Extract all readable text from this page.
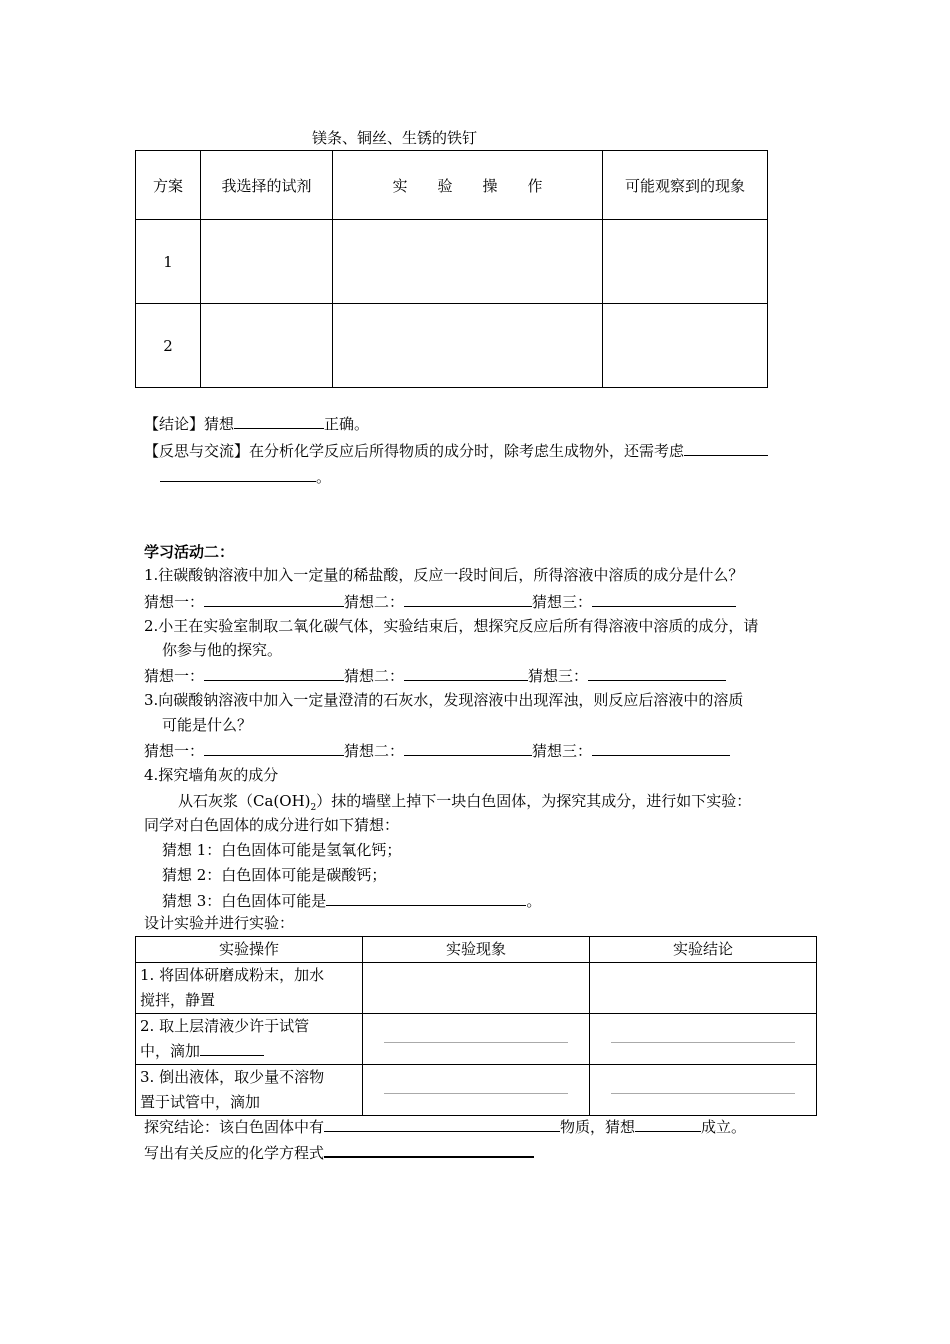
镁条、铜丝、生锈的铁钉
方案	我选择的试剂	实　　验　　操　　作	可能观察到的现象
1			
2			
【结论】猜想	正确。
【反思与交流】在分析化学反应后所得物质的成分时，除考虑生成物外，还需考虑
。
学习活动二：
1.往碳酸钠溶液中加入一定量的稀盐酸，反应一段时间后，所得溶液中溶质的成分是什么？
猜想一：	猜想二：	猜想三：
2.小王在实验室制取二氧化碳气体，实验结束后，想探究反应后所有得溶液中溶质的成分，请
你参与他的探究。
猜想一：	猜想二：	猜想三：
3.向碳酸钠溶液中加入一定量澄清的石灰水，发现溶液中出现浑浊，则反应后溶液中的溶质
可能是什么？
猜想一：	猜想二：	猜想三：
4.探究墙角灰的成分
从石灰浆$(Ca(OH)_2)$抹的墙壁上掉下一块白色固体，为探究其成分，进行如下实验：
同学对白色固体的成分进行如下猜想：
猜想 1：白色固体可能是氢氧化钙；
猜想 2：白色固体可能是碳酸钙；
猜想 3：白色固体可能是	。
设计实验并进行实验：
实验操作	实验现象	实验结论

1. 将固体研磨成粉末，加水
搅拌，静置		

2. 取上层清液少许于试管
中，滴加		

3. 倒出液体，取少量不溶物
置于试管中，滴加		

探究结论：该白色固体中有	物质，猜想	成立。
写出有关反应的化学方程式
